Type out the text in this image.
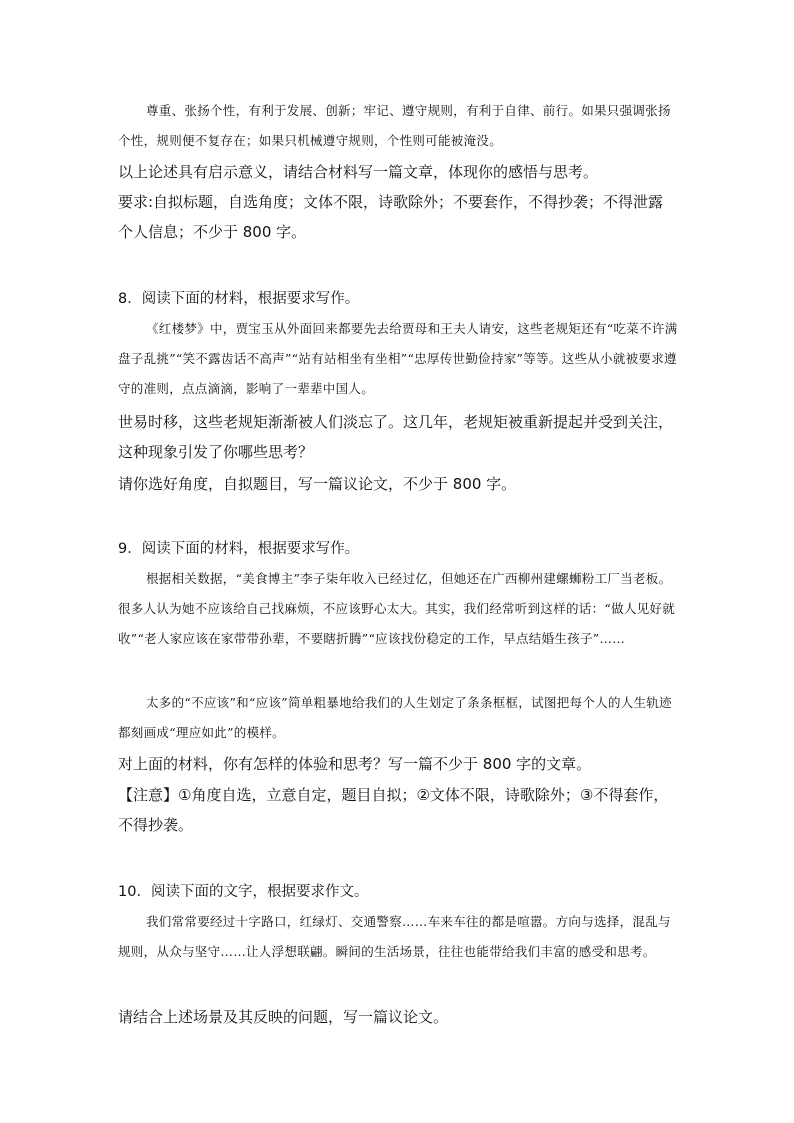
尊重、张扬个性，有利于发展、创新；牢记、遵守规则，有利于自律、前行。如果只强调张扬个性，规则便不复存在；如果只机械遵守规则，个性则可能被淹没。

以上论述具有启示意义，请结合材料写一篇文章，体现你的感悟与思考。

要求:自拟标题，自选角度；文体不限，诗歌除外；不要套作，不得抄袭；不得泄露个人信息；不少于 800 字。

8．阅读下面的材料，根据要求写作。

《红楼梦》中，贾宝玉从外面回来都要先去给贾母和王夫人请安，这些老规矩还有“吃菜不许满盘子乱挑”“笑不露齿话不高声”“站有站相坐有坐相”“忠厚传世勤俭持家”等等。这些从小就被要求遵守的准则，点点滴滴，影响了一辈辈中国人。

世易时移，这些老规矩渐渐被人们淡忘了。这几年，老规矩被重新提起并受到关注，这种现象引发了你哪些思考？

请你选好角度，自拟题目，写一篇议论文，不少于 800 字。

9．阅读下面的材料，根据要求写作。

根据相关数据，“美食博主”李子柒年收入已经过亿，但她还在广西柳州建螺蛳粉工厂当老板。很多人认为她不应该给自己找麻烦，不应该野心太大。其实，我们经常听到这样的话：“做人见好就收”“老人家应该在家带带孙辈，不要瞎折腾”“应该找份稳定的工作，早点结婚生孩子”……

太多的“不应该”和“应该”简单粗暴地给我们的人生划定了条条框框，试图把每个人的人生轨迹都刻画成“理应如此”的模样。

对上面的材料，你有怎样的体验和思考？写一篇不少于 800 字的文章。

【注意】①角度自选，立意自定，题目自拟；②文体不限，诗歌除外；③不得套作，不得抄袭。

10．阅读下面的文字，根据要求作文。

我们常常要经过十字路口，红绿灯、交通警察……车来车往的都是喧嚣。方向与选择，混乱与规则，从众与坚守……让人浮想联翩。瞬间的生活场景，往往也能带给我们丰富的感受和思考。

请结合上述场景及其反映的问题，写一篇议论文。
